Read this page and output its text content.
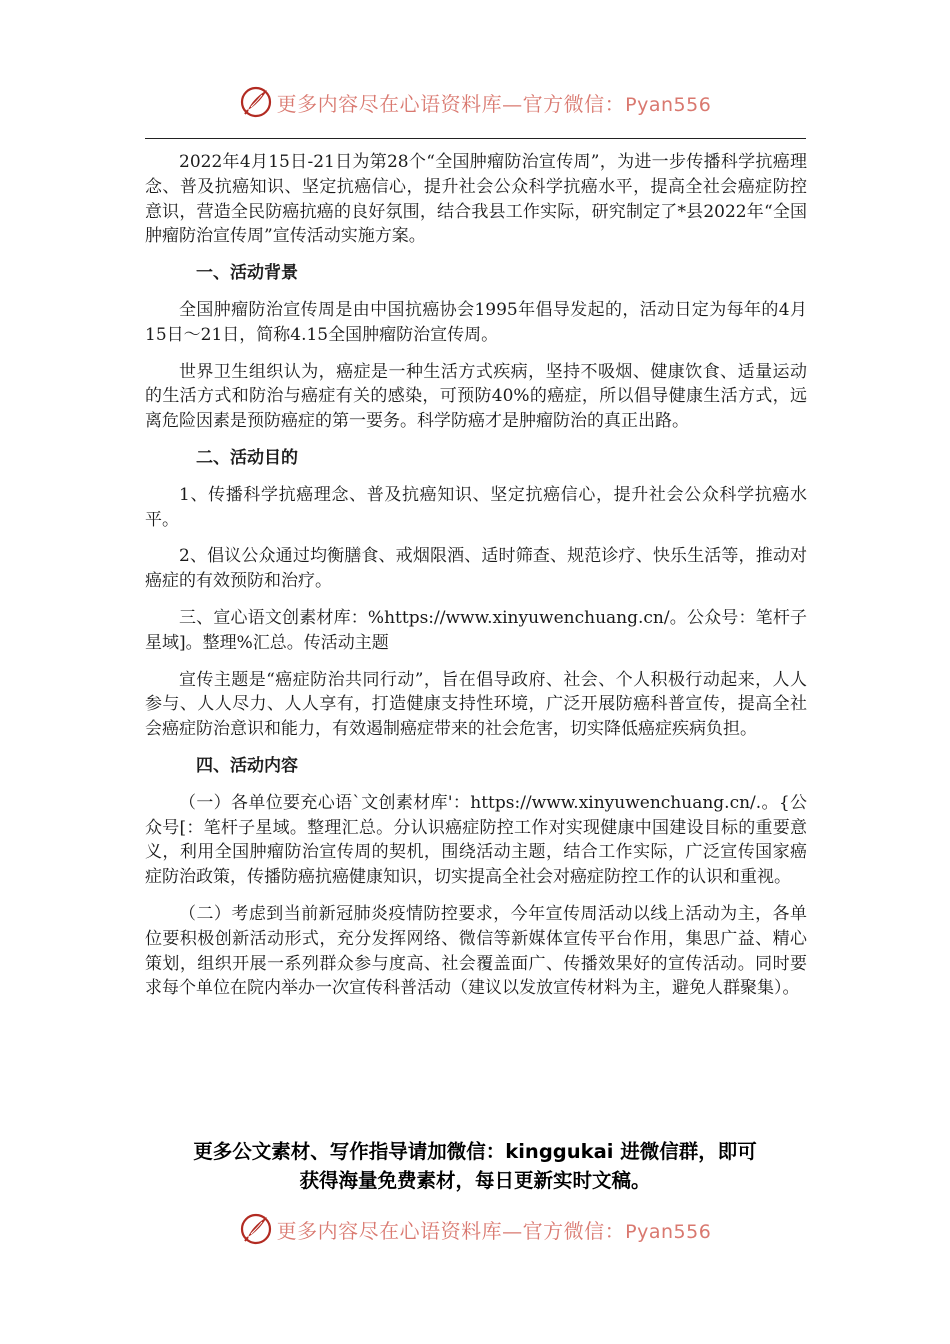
更多内容尽在心语资料库—官方微信：Pyan556

2022年4月15日-21日为第28个“全国肿瘤防治宣传周”，为进一步传播科学抗癌理念、普及抗癌知识、坚定抗癌信心，提升社会公众科学抗癌水平，提高全社会癌症防控意识，营造全民防癌抗癌的良好氛围，结合我县工作实际，研究制定了*县2022年“全国肿瘤防治宣传周”宣传活动实施方案。

一、活动背景

全国肿瘤防治宣传周是由中国抗癌协会1995年倡导发起的，活动日定为每年的4月15日～21日，简称4.15全国肿瘤防治宣传周。

世界卫生组织认为，癌症是一种生活方式疾病，坚持不吸烟、健康饮食、适量运动的生活方式和防治与癌症有关的感染，可预防40%的癌症，所以倡导健康生活方式，远离危险因素是预防癌症的第一要务。科学防癌才是肿瘤防治的真正出路。

二、活动目的

1、传播科学抗癌理念、普及抗癌知识、坚定抗癌信心，提升社会公众科学抗癌水平。

2、倡议公众通过均衡膳食、戒烟限酒、适时筛查、规范诊疗、快乐生活等，推动对癌症的有效预防和治疗。

三、宣心语文创素材库：%https://www.xinyuwenchuang.cn/。公众号：笔杆子星域]。整理%汇总。传活动主题

宣传主题是“癌症防治共同行动”，旨在倡导政府、社会、个人积极行动起来，人人参与、人人尽力、人人享有，打造健康支持性环境，广泛开展防癌科普宣传，提高全社会癌症防治意识和能力，有效遏制癌症带来的社会危害，切实降低癌症疾病负担。

四、活动内容

（一）各单位要充心语`文创素材库'：https://www.xinyuwenchuang.cn/.。{公众号[：笔杆子星域。整理汇总。分认识癌症防控工作对实现健康中国建设目标的重要意义，利用全国肿瘤防治宣传周的契机，围绕活动主题，结合工作实际，广泛宣传国家癌症防治政策，传播防癌抗癌健康知识，切实提高全社会对癌症防控工作的认识和重视。

（二）考虑到当前新冠肺炎疫情防控要求，今年宣传周活动以线上活动为主，各单位要积极创新活动形式，充分发挥网络、微信等新媒体宣传平台作用，集思广益、精心策划，组织开展一系列群众参与度高、社会覆盖面广、传播效果好的宣传活动。同时要求每个单位在院内举办一次宣传科普活动（建议以发放宣传材料为主，避免人群聚集）。

更多公文素材、写作指导请加微信：kinggukai 进微信群，即可
获得海量免费素材，每日更新实时文稿。
更多内容尽在心语资料库—官方微信：Pyan556
